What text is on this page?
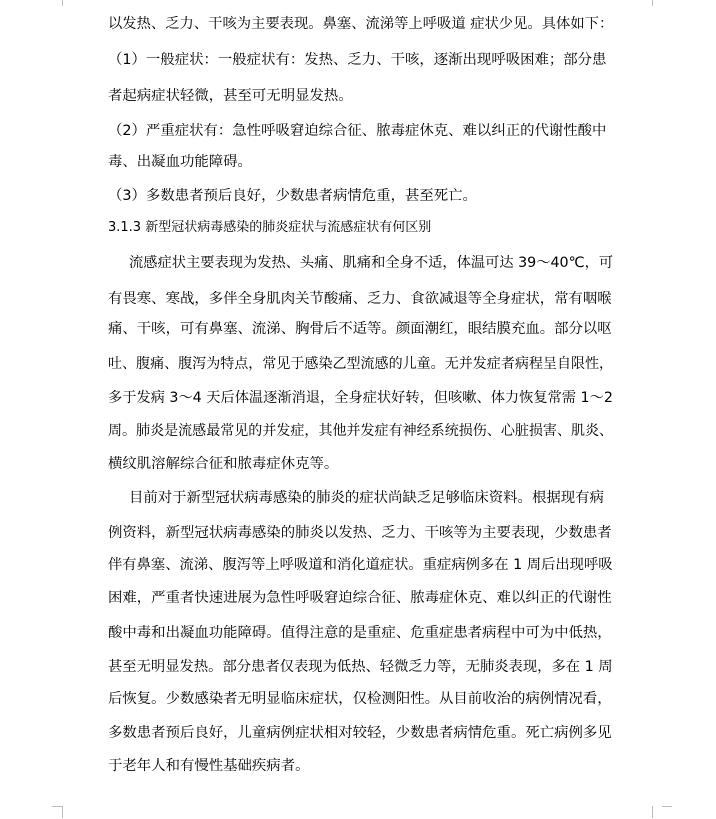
以发热、乏力、干咳为主要表现。鼻塞、流涕等上呼吸道 症状少见。具体如下：

（1）一般症状：一般症状有：发热、乏力、干咳，逐渐出现呼吸困难；部分患

者起病症状轻微，甚至可无明显发热。

（2）严重症状有：急性呼吸窘迫综合征、脓毒症休克、难以纠正的代谢性酸中

毒、出凝血功能障碍。

（3）多数患者预后良好，少数患者病情危重，甚至死亡。

3.1.3 新型冠状病毒感染的肺炎症状与流感症状有何区别

流感症状主要表现为发热、头痛、肌痛和全身不适，体温可达 39～40℃，可

有畏寒、寒战，多伴全身肌肉关节酸痛、乏力、食欲减退等全身症状，常有咽喉

痛、干咳，可有鼻塞、流涕、胸骨后不适等。颜面潮红，眼结膜充血。部分以呕

吐、腹痛、腹泻为特点，常见于感染乙型流感的儿童。无并发症者病程呈自限性，

多于发病 3～4 天后体温逐渐消退，全身症状好转，但咳嗽、体力恢复常需 1～2

周。肺炎是流感最常见的并发症，其他并发症有神经系统损伤、心脏损害、肌炎、

横纹肌溶解综合征和脓毒症休克等。

目前对于新型冠状病毒感染的肺炎的症状尚缺乏足够临床资料。根据现有病

例资料，新型冠状病毒感染的肺炎以发热、乏力、干咳等为主要表现，少数患者

伴有鼻塞、流涕、腹泻等上呼吸道和消化道症状。重症病例多在 1 周后出现呼吸

困难，严重者快速进展为急性呼吸窘迫综合征、脓毒症休克、难以纠正的代谢性

酸中毒和出凝血功能障碍。值得注意的是重症、危重症患者病程中可为中低热，

甚至无明显发热。部分患者仅表现为低热、轻微乏力等，无肺炎表现，多在 1 周

后恢复。少数感染者无明显临床症状，仅检测阳性。从目前收治的病例情况看，

多数患者预后良好，儿童病例症状相对较轻，少数患者病情危重。死亡病例多见

于老年人和有慢性基础疾病者。
